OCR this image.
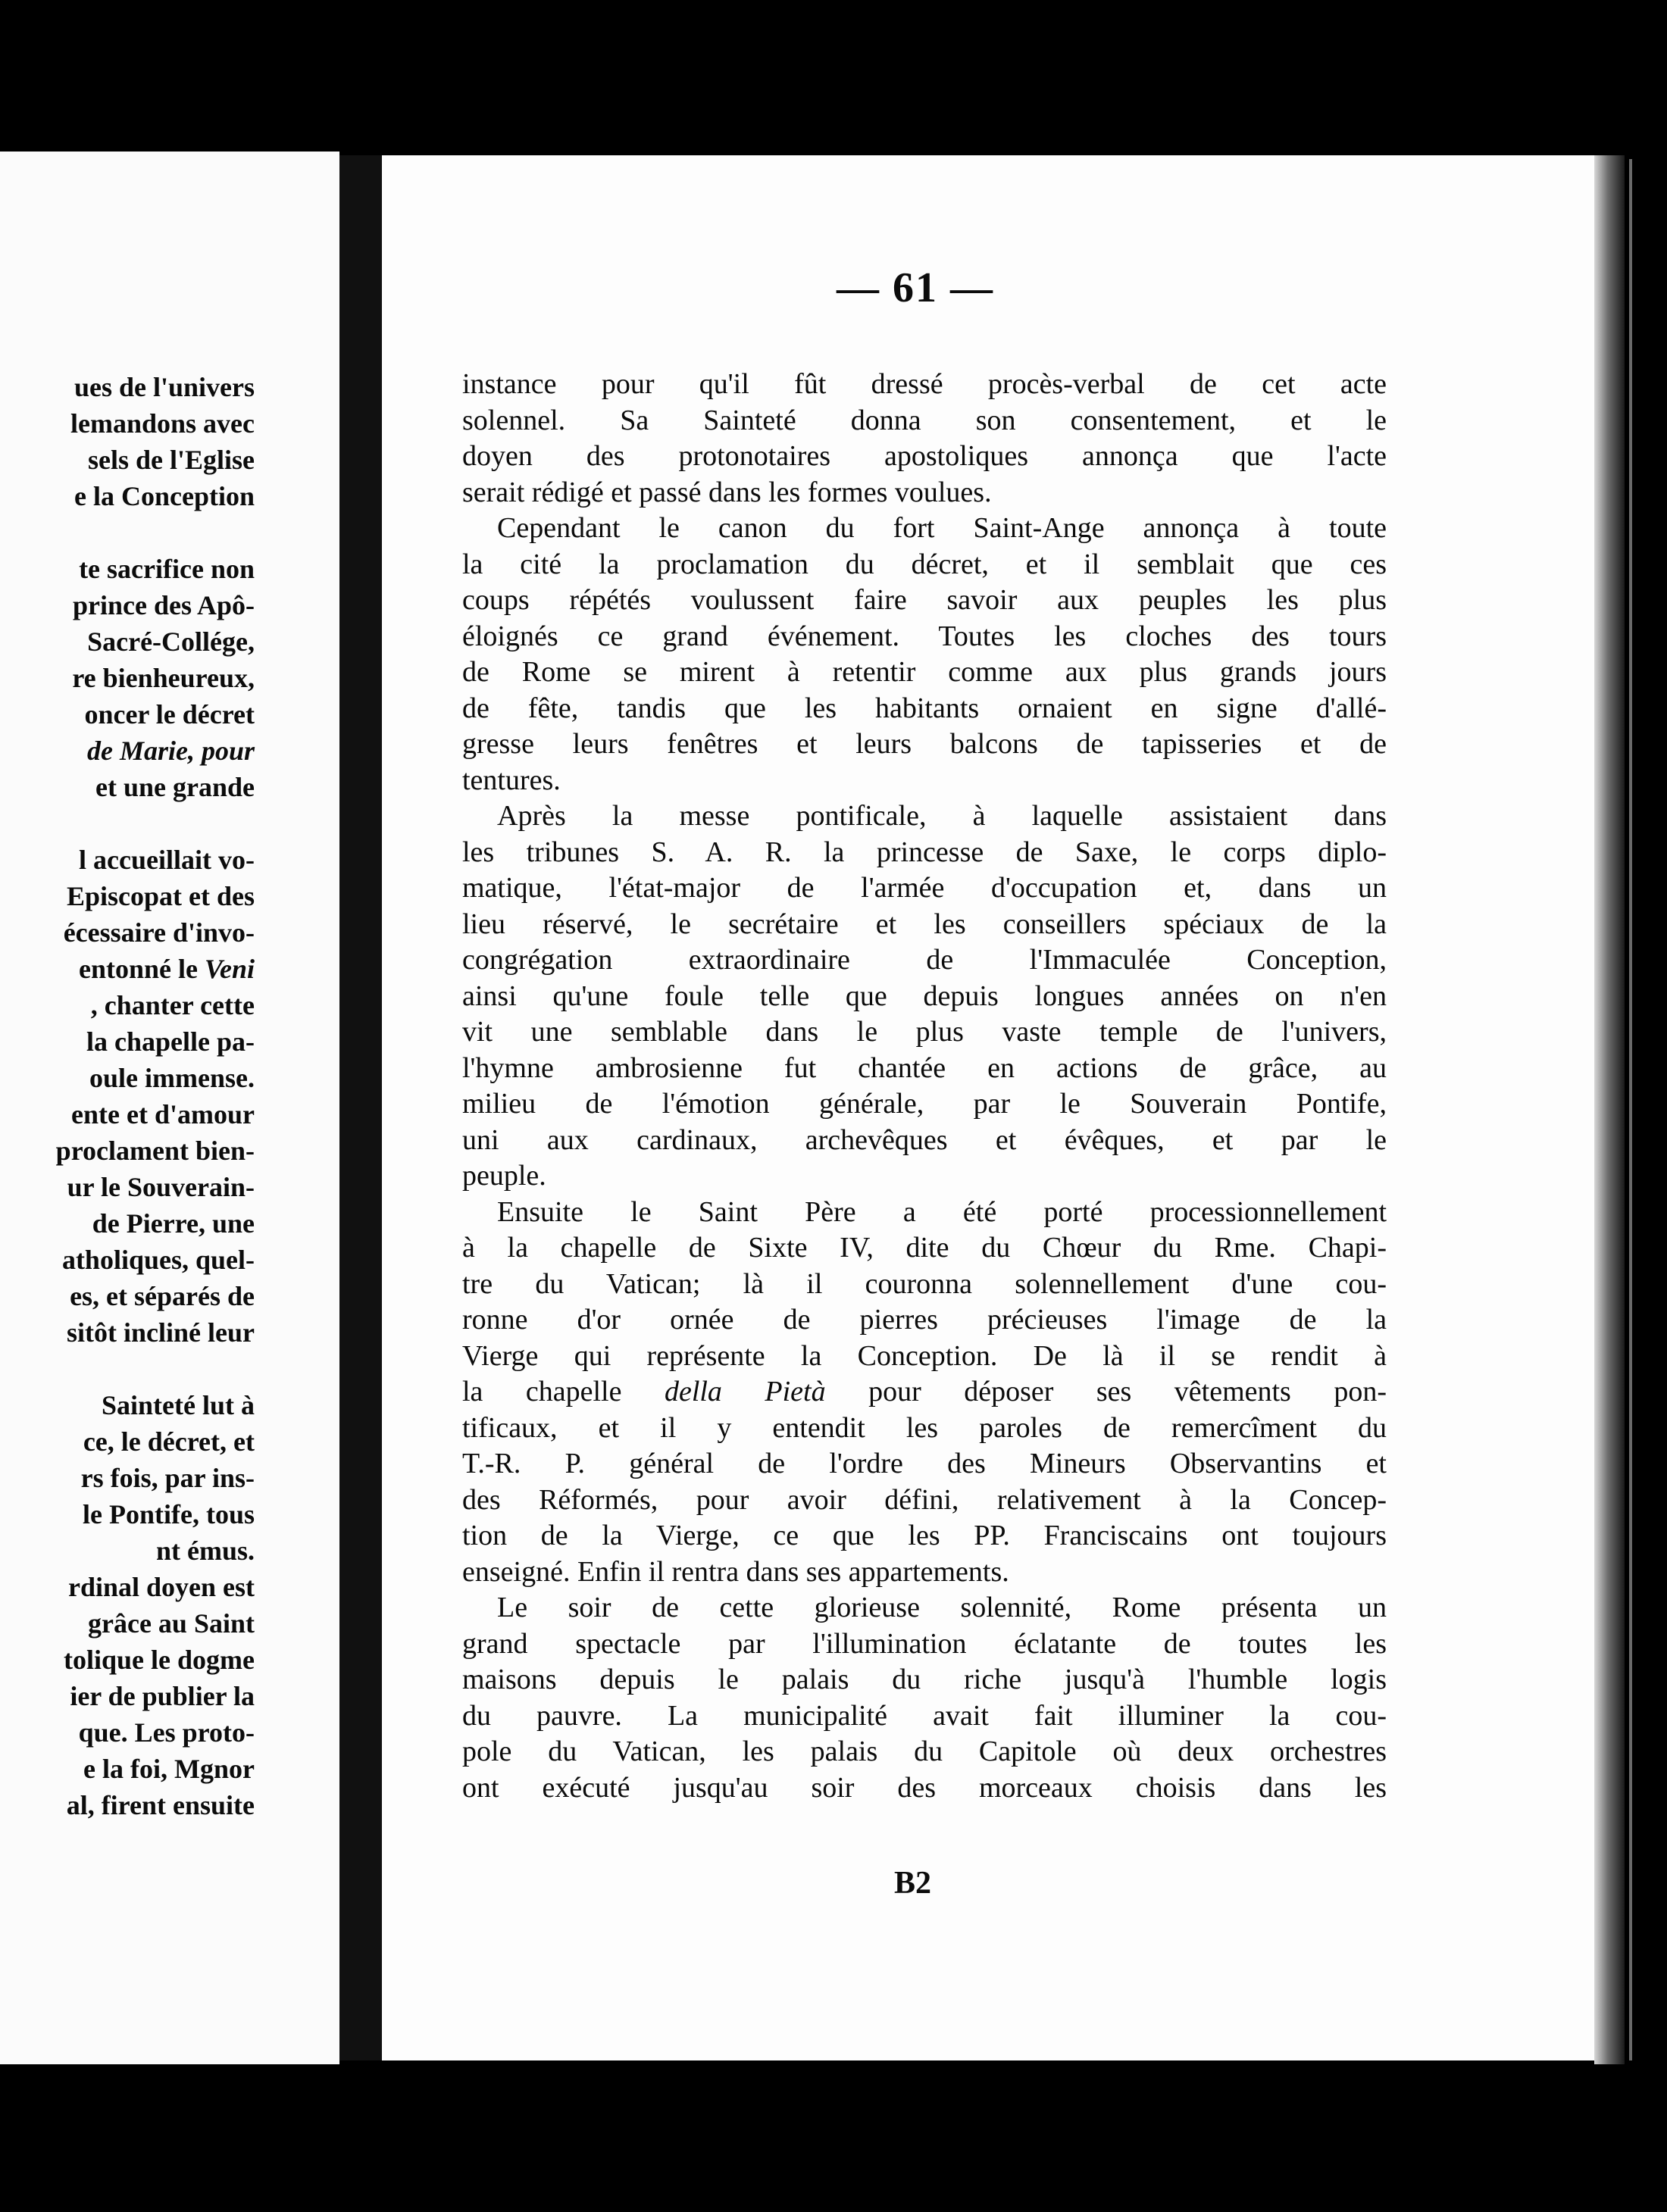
ues de l'univers

lemandons avec

sels de l'Eglise

e la Conception

te sacrifice non

prince des Apô-

Sacré-Collége,

re bienheureux,

oncer le décret

de Marie, pour

et une grande

l accueillait vo-

Episcopat et des

écessaire d'invo-

entonné le Veni

, chanter cette

la chapelle pa-

oule immense.

ente et d'amour

proclament bien-

ur le Souverain-

de Pierre, une

atholiques, quel-

es, et séparés de

sitôt incliné leur

Sainteté lut à

ce, le décret, et

rs fois, par ins-

le Pontife, tous

nt émus.

rdinal doyen est

grâce au Saint

tolique le dogme

ier de publier la

que. Les proto-

e la foi, Mgnor

al, firent ensuite

— 61 —
instance pour qu'il fût dressé procès-verbal de cet acte
solennel. Sa Sainteté donna son consentement, et le
doyen des protonotaires apostoliques annonça que l'acte
serait rédigé et passé dans les formes voulues.
Cependant le canon du fort Saint-Ange annonça à toute
la cité la proclamation du décret, et il semblait que ces
coups répétés voulussent faire savoir aux peuples les plus
éloignés ce grand événement. Toutes les cloches des tours
de Rome se mirent à retentir comme aux plus grands jours
de fête, tandis que les habitants ornaient en signe d'allé-
gresse leurs fenêtres et leurs balcons de tapisseries et de
tentures.
Après la messe pontificale, à laquelle assistaient dans
les tribunes S. A. R. la princesse de Saxe, le corps diplo-
matique, l'état-major de l'armée d'occupation et, dans un
lieu réservé, le secrétaire et les conseillers spéciaux de la
congrégation extraordinaire de l'Immaculée Conception,
ainsi qu'une foule telle que depuis longues années on n'en
vit une semblable dans le plus vaste temple de l'univers,
l'hymne ambrosienne fut chantée en actions de grâce, au
milieu de l'émotion générale, par le Souverain Pontife,
uni aux cardinaux, archevêques et évêques, et par le
peuple.
Ensuite le Saint Père a été porté processionnellement
à la chapelle de Sixte IV, dite du Chœur du Rme. Chapi-
tre du Vatican; là il couronna solennellement d'une cou-
ronne d'or ornée de pierres précieuses l'image de la
Vierge qui représente la Conception. De là il se rendit à
la chapelle della Pietà pour déposer ses vêtements pon-
tificaux, et il y entendit les paroles de remercîment du
T.-R. P. général de l'ordre des Mineurs Observantins et
des Réformés, pour avoir défini, relativement à la Concep-
tion de la Vierge, ce que les PP. Franciscains ont toujours
enseigné. Enfin il rentra dans ses appartements.
Le soir de cette glorieuse solennité, Rome présenta un
grand spectacle par l'illumination éclatante de toutes les
maisons depuis le palais du riche jusqu'à l'humble logis
du pauvre. La municipalité avait fait illuminer la cou-
pole du Vatican, les palais du Capitole où deux orchestres
ont exécuté jusqu'au soir des morceaux choisis dans les
B2
